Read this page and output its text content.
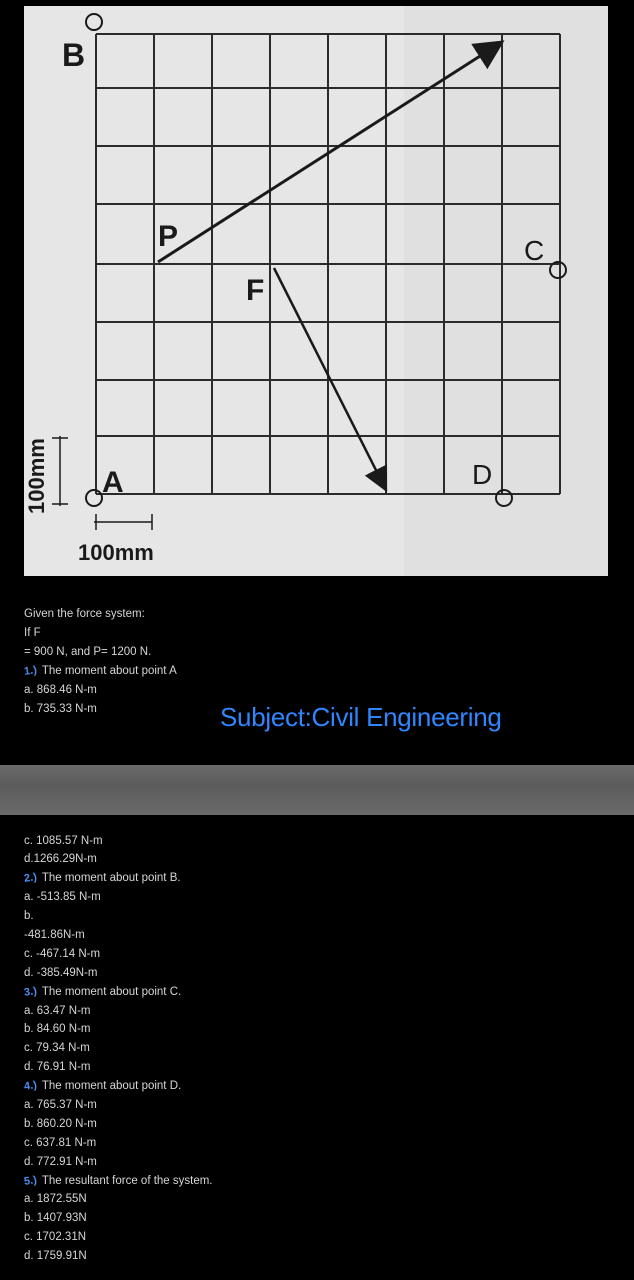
B
P
F
C
A	D
100mm
100mm
Given the force system:
If F
= 900 N, and P= 1200 N.
1.) The moment about point A
a. 868.46 N-m
b. 735.33 N-m	Subject:Civil Engineering
c. 1085.57 N-m
d.1266.29N-m
2.) The moment about point B.
a. -513.85 N-m
b.
-481.86N-m
c. -467.14 N-m
d. -385.49N-m
3.) The moment about point C.
a. 63.47 N-m
b. 84.60 N-m
c. 79.34 N-m
d. 76.91 N-m
4.) The moment about point D.
a. 765.37 N-m
b. 860.20 N-m
c. 637.81 N-m
d. 772.91 N-m
5.) The resultant force of the system.
a. 1872.55N
b. 1407.93N
c. 1702.31N
d. 1759.91N
